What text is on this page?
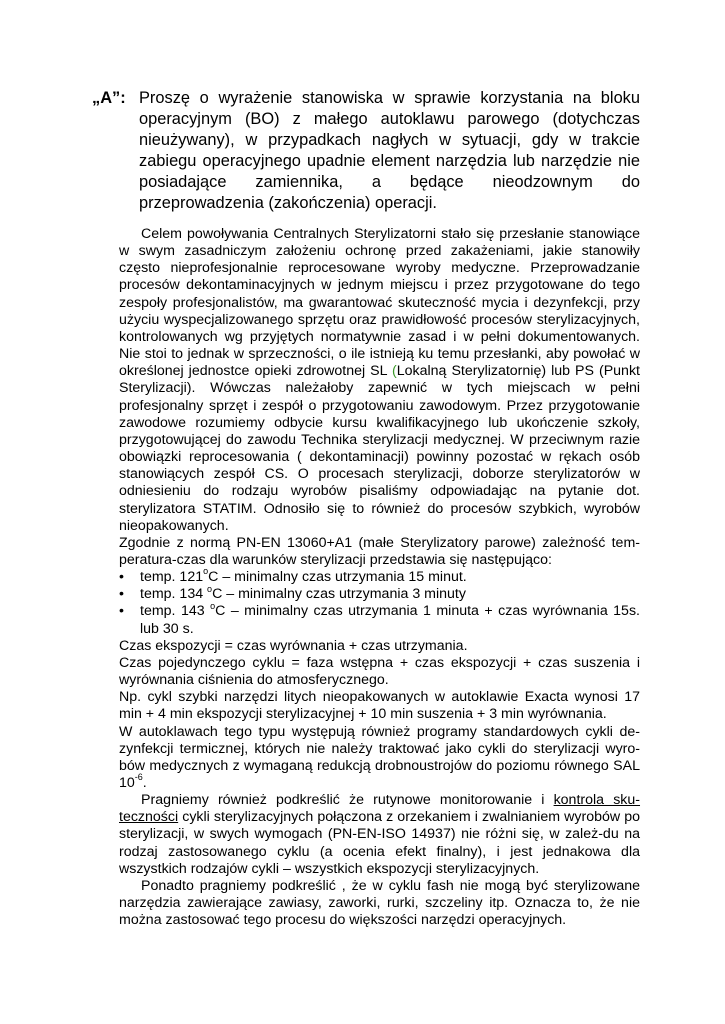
„A”: Proszę o wyrażenie stanowiska w sprawie korzystania na bloku operacyjnym (BO) z małego autoklawu parowego (dotychczas nieużywany), w przypadkach nagłych w sytuacji, gdy w trakcie zabiegu operacyjnego upadnie element narzędzia lub narzędzie nie posiadające zamiennika, a będące nieodzownym do przeprowadzenia (zakończenia) operacji.

Celem powoływania Centralnych Sterylizatorni stało się przesłanie stanowiące w swym zasadniczym założeniu ochronę przed zakażeniami, jakie stanowiły często nieprofesjonalnie reprocesowane wyroby medyczne. Przeprowadzanie procesów dekontaminacyjnych w jednym miejscu i przez przygotowane do tego zespoły profesjonalistów, ma gwarantować skuteczność mycia i dezynfekcji, przy użyciu wyspecjalizowanego sprzętu oraz prawidłowość procesów sterylizacyjnych, kontrolowanych wg przyjętych normatywnie zasad i w pełni dokumentowanych. Nie stoi to jednak w sprzeczności, o ile istnieją ku temu przesłanki, aby powołać w określonej jednostce opieki zdrowotnej SL (Lokalną Sterylizatornię) lub PS (Punkt Sterylizacji). Wówczas należałoby zapewnić w tych miejscach w pełni profesjonalny sprzęt i zespół o przygotowaniu zawodowym. Przez przygotowanie zawodowe rozumiemy odbycie kursu kwalifikacyjnego lub ukończenie szkoły, przygotowującej do zawodu Technika sterylizacji medycznej. W przeciwnym razie obowiązki reprocesowania ( dekontaminacji) powinny pozostać w rękach osób stanowiących zespół CS. O procesach sterylizacji, doborze sterylizatorów w odniesieniu do rodzaju wyrobów pisaliśmy odpowiadając na pytanie dot. sterylizatora STATIM. Odnosiło się to również do procesów szybkich, wyrobów nieopakowanych.

Zgodnie z normą PN-EN 13060+A1 (małe Sterylizatory parowe) zależność tem-peratura-czas dla warunków sterylizacji przedstawia się następująco:

• temp. 121$^o$C – minimalny czas utrzymania 15 minut.
• temp. 134 $^o$C – minimalny czas utrzymania 3 minuty
• temp. 143 $^o$C – minimalny czas utrzymania 1 minuta + czas wyrównania 15s. lub 30 s.

Czas ekspozycji = czas wyrównania + czas utrzymania.

Czas pojedynczego cyklu = faza wstępna + czas ekspozycji + czas suszenia i wyrównania ciśnienia do atmosferycznego.

Np. cykl szybki narzędzi litych nieopakowanych w autoklawie Exacta wynosi 17 min + 4 min ekspozycji sterylizacyjnej + 10 min suszenia + 3 min wyrównania.

W autoklawach tego typu występują również programy standardowych cykli de-zynfekcji termicznej, których nie należy traktować jako cykli do sterylizacji wyro-bów medycznych z wymaganą redukcją drobnoustrojów do poziomu równego SAL $10^{-6}$.

Pragniemy również podkreślić że rutynowe monitorowanie i kontrola sku-teczności cykli sterylizacyjnych połączona z orzekaniem i zwalnianiem wyrobów po sterylizacji, w swych wymogach (PN-EN-ISO 14937) nie różni się, w zależ-du na rodzaj zastosowanego cyklu (a ocenia efekt finalny), i jest jednakowa dla wszystkich rodzajów cykli – wszystkich ekspozycji sterylizacyjnych.

Ponadto pragniemy podkreślić , że w cyklu fash nie mogą być sterylizowane narzędzia zawierające zawiasy, zaworki, rurki, szczeliny itp. Oznacza to, że nie można zastosować tego procesu do większości narzędzi operacyjnych.
